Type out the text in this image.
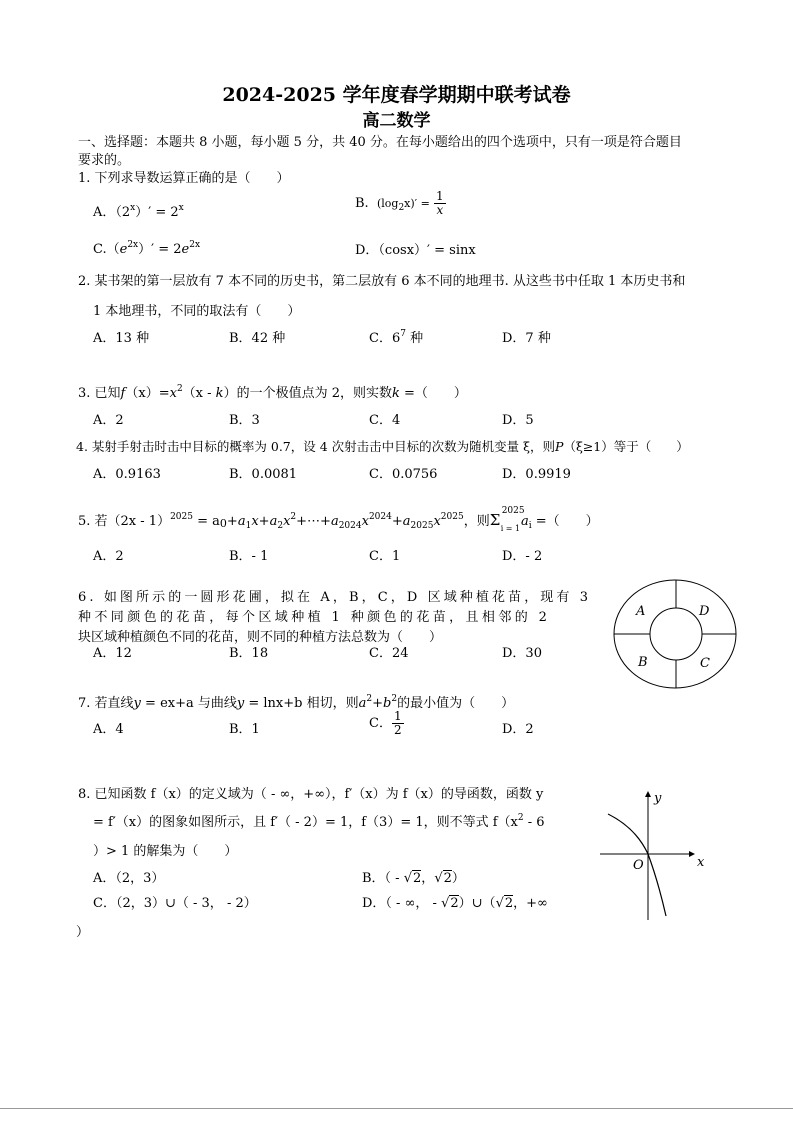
2024-2025 学年度春学期期中联考试卷
高二数学
一、选择题：本题共 8 小题，每小题 5 分，共 40 分。在每小题给出的四个选项中，只有一项是符合题目
要求的。
1. 下列求导数运算正确的是（　　）
A．$(2^x)' = 2^x$	B. $(\log_2x)' = \frac{1}{x}$
$C.(e^{2x})' = 2e^{2x}$	D．（cosx）′ = sinx
2. 某书架的第一层放有 7 本不同的历史书，第二层放有 6 本不同的地理书. 从这些书中任取 1 本历史书和
1 本地理书，不同的取法有（　　）
A．13 种	B．42 种	C．$6^7$ 种	D．7 种
3. 已知$f(x)=x^2(x - k)$的一个极值点为 2，则实数k =（　　）
A．2	B．3	C．4	D．5
4. 某射手射击时击中目标的概率为 0.7，设 4 次射击击中目标的次数为随机变量 ξ，则P（ξ≥1）等于（　　）
A．0.9163	B．0.0081	C．0.0756	D．0.9919
5. 若$(2x - 1)^{2025} = a_0+a_1x+a_2x^2+\cdots+a_{2024}x^{2024}+a_{2025}x^{2025}$，则Σ 2025
i = 1 $a_i$ =（　　）
A．2	B．- 1	C．1	D．- 2
6. 如图所示的一圆形花圃，拟在 A，B，C，D 区域种植花苗，现有 3
种不同颜色的花苗，每个区域种植 1 种颜色的花苗，且相邻的 2
块区域种植颜色不同的花苗，则不同的种植方法总数为（　　）
A．12	B．18	C．24	D．30
A	D
B	C
7. 若直线y = ex+a 与曲线y = lnx+b 相切，则$a^2+b^2$的最小值为（　　）
A．4	B．1	C． $\frac{1}{2}$	D．2
8. 已知函数 f（x）的定义域为（ - ∞，+∞），f′（x）为 f（x）的导函数，函数 y
= f′（x）的图象如图所示，且 f′（ - 2）= 1，f（3）= 1，则不等式 $f(x^2 - 6$
）> 1 的解集为（　　）
A．（2，3）	B．（ - √2，√2）
C．（2，3）∪（ - 3， - 2）	D．（ - ∞， - √2）∪（√2，+∞
）
y
x
O
